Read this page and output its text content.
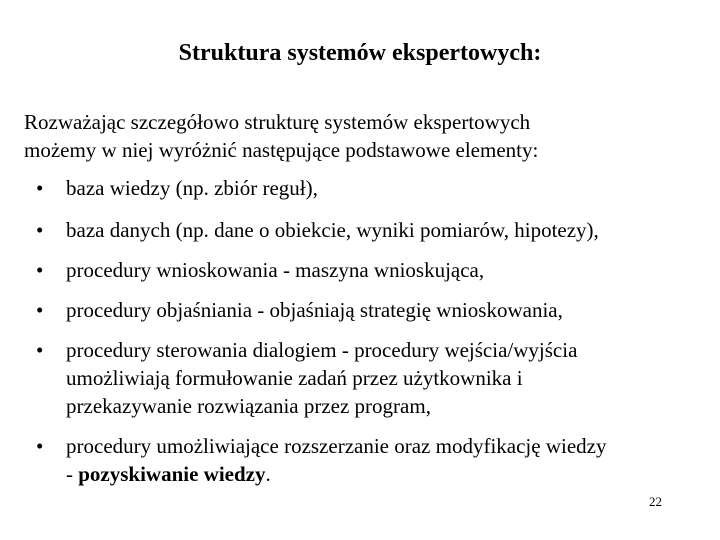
Struktura systemów ekspertowych:
Rozważając szczegółowo strukturę systemów ekspertowych
możemy w niej wyróżnić następujące podstawowe elementy:
•	baza wiedzy (np. zbiór reguł),
•	baza danych (np. dane o obiekcie, wyniki pomiarów, hipotezy),
•	procedury wnioskowania - maszyna wnioskująca,
•	procedury objaśniania - objaśniają strategię wnioskowania,
•	procedury sterowania dialogiem - procedury wejścia/wyjścia
umożliwiają formułowanie zadań przez użytkownika i
przekazywanie rozwiązania przez program,
•	procedury umożliwiające rozszerzanie oraz modyfikację wiedzy
- pozyskiwanie wiedzy.
22
